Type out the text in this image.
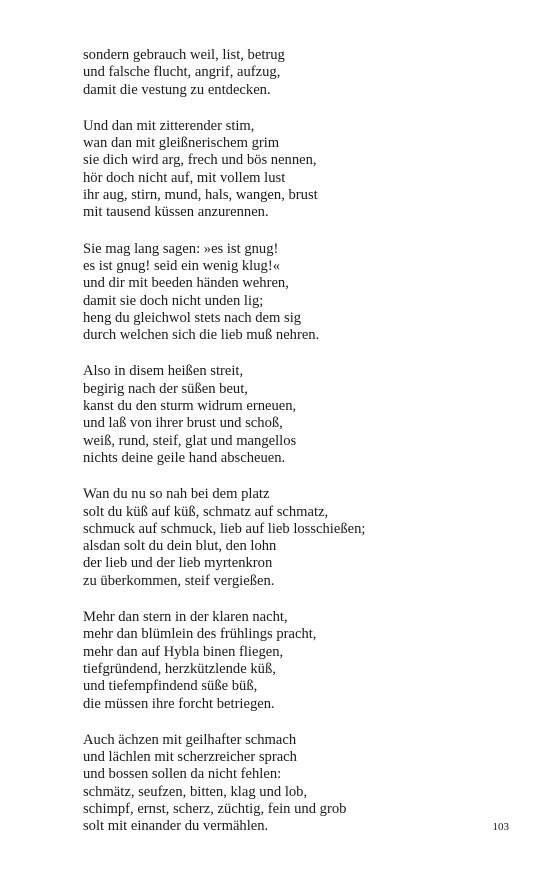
sondern gebrauch weil, list, betrug
und falsche flucht, angrif, aufzug,
damit die vestung zu entdecken.
Und dan mit zitterender stim,
wan dan mit gleißnerischem grim
sie dich wird arg, frech und bös nennen,
hör doch nicht auf, mit vollem lust
ihr aug, stirn, mund, hals, wangen, brust
mit tausend küssen anzurennen.
Sie mag lang sagen: »es ist gnug!
es ist gnug! seid ein wenig klug!«
und dir mit beeden händen wehren,
damit sie doch nicht unden lig;
heng du gleichwol stets nach dem sig
durch welchen sich die lieb muß nehren.
Also in disem heißen streit,
begirig nach der süßen beut,
kanst du den sturm widrum erneuen,
und laß von ihrer brust und schoß,
weiß, rund, steif, glat und mangellos
nichts deine geile hand abscheuen.
Wan du nu so nah bei dem platz
solt du küß auf küß, schmatz auf schmatz,
schmuck auf schmuck, lieb auf lieb losschießen;
alsdan solt du dein blut, den lohn
der lieb und der lieb myrtenkron
zu überkommen, steif vergießen.
Mehr dan stern in der klaren nacht,
mehr dan blümlein des frühlings pracht,
mehr dan auf Hybla binen fliegen,
tiefgründend, herzkützlende küß,
und tiefempfindend süße büß,
die müssen ihre forcht betriegen.
Auch ächzen mit geilhafter schmach
und lächlen mit scherzreicher sprach
und bossen sollen da nicht fehlen:
schmätz, seufzen, bitten, klag und lob,
schimpf, ernst, scherz, züchtig, fein und grob
solt mit einander du vermählen.	103
